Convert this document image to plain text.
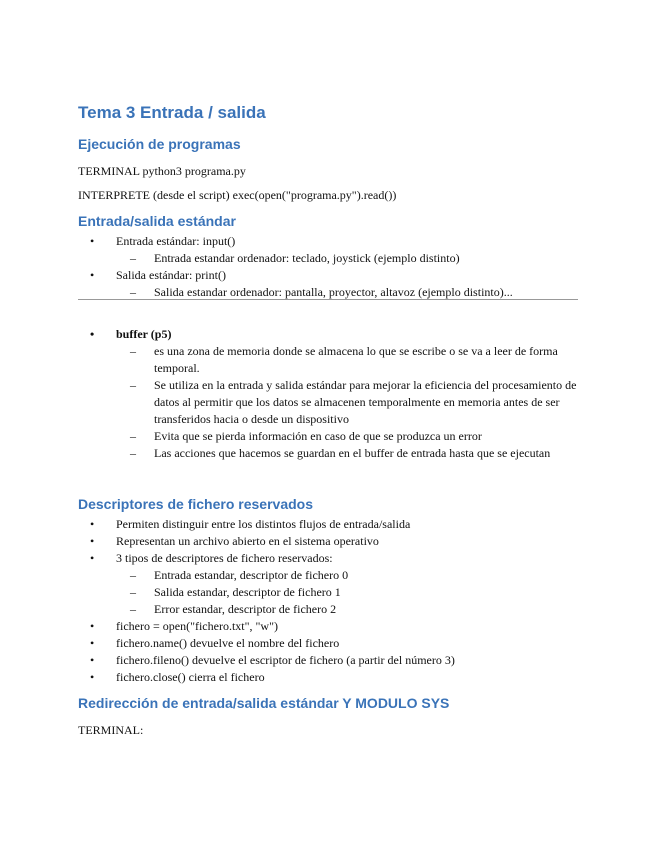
Tema 3 Entrada / salida
Ejecución de programas

TERMINAL python3 programa.py

INTERPRETE (desde el script) exec(open("programa.py").read())

Entrada/salida estándar
• Entrada estándar: input()
– Entrada estandar ordenador: teclado, joystick (ejemplo distinto)
• Salida estándar: print()
– Salida estandar ordenador: pantalla, proyector, altavoz (ejemplo distinto)...
• buffer (p5)
– es una zona de memoria donde se almacena lo que se escribe o se va a leer de forma temporal.
– Se utiliza en la entrada y salida estándar para mejorar la eficiencia del procesamiento de datos al permitir que los datos se almacenen temporalmente en memoria antes de ser transferidos hacia o desde un dispositivo
– Evita que se pierda información en caso de que se produzca un error
– Las acciones que hacemos se guardan en el buffer de entrada hasta que se ejecutan
Descriptores de fichero reservados
• Permiten distinguir entre los distintos flujos de entrada/salida
• Representan un archivo abierto en el sistema operativo
• 3 tipos de descriptores de fichero reservados:
– Entrada estandar, descriptor de fichero 0
– Salida estandar, descriptor de fichero 1
– Error estandar, descriptor de fichero 2
• fichero = open("fichero.txt", "w")
• fichero.name() devuelve el nombre del fichero
• fichero.fileno() devuelve el escriptor de fichero (a partir del número 3)
• fichero.close() cierra el fichero
Redirección de entrada/salida estándar Y MODULO SYS

TERMINAL:
